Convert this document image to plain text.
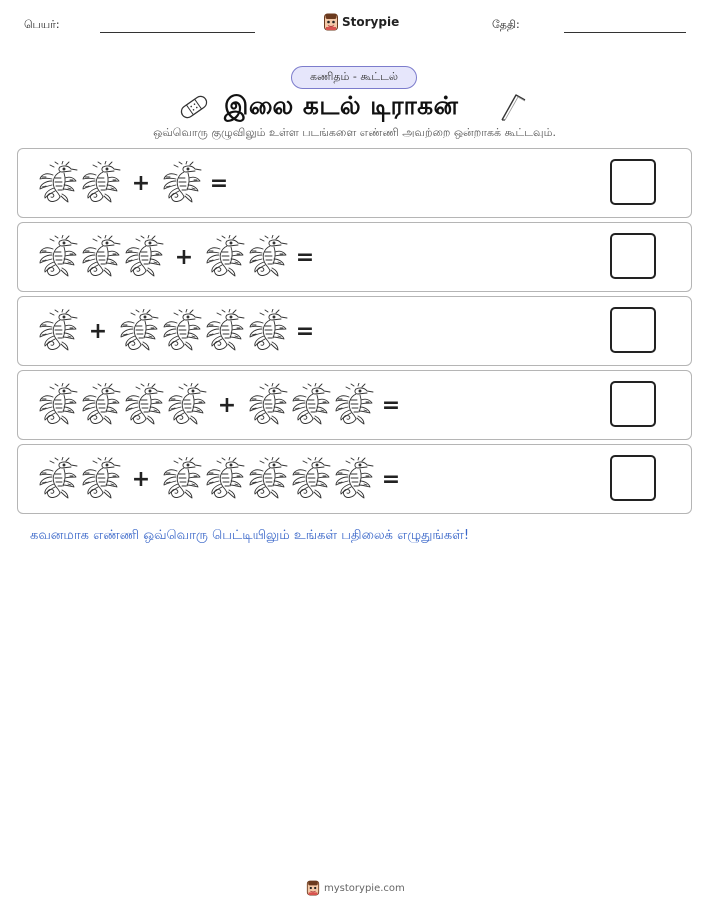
பெயர்:	Storypie	தேதி:
கணிதம் - கூட்டல்
இலை கடல் டிராகன்
ஒவ்வொரு குழுவிலும் உள்ள படங்களை எண்ணி அவற்றை ஒன்றாகக் கூட்டவும்.
+	=
+	=
+	=
+	=
+	=
கவனமாக எண்ணி ஒவ்வொரு பெட்டியிலும் உங்கள் பதிலைக் எழுதுங்கள்!
mystorypie.com
